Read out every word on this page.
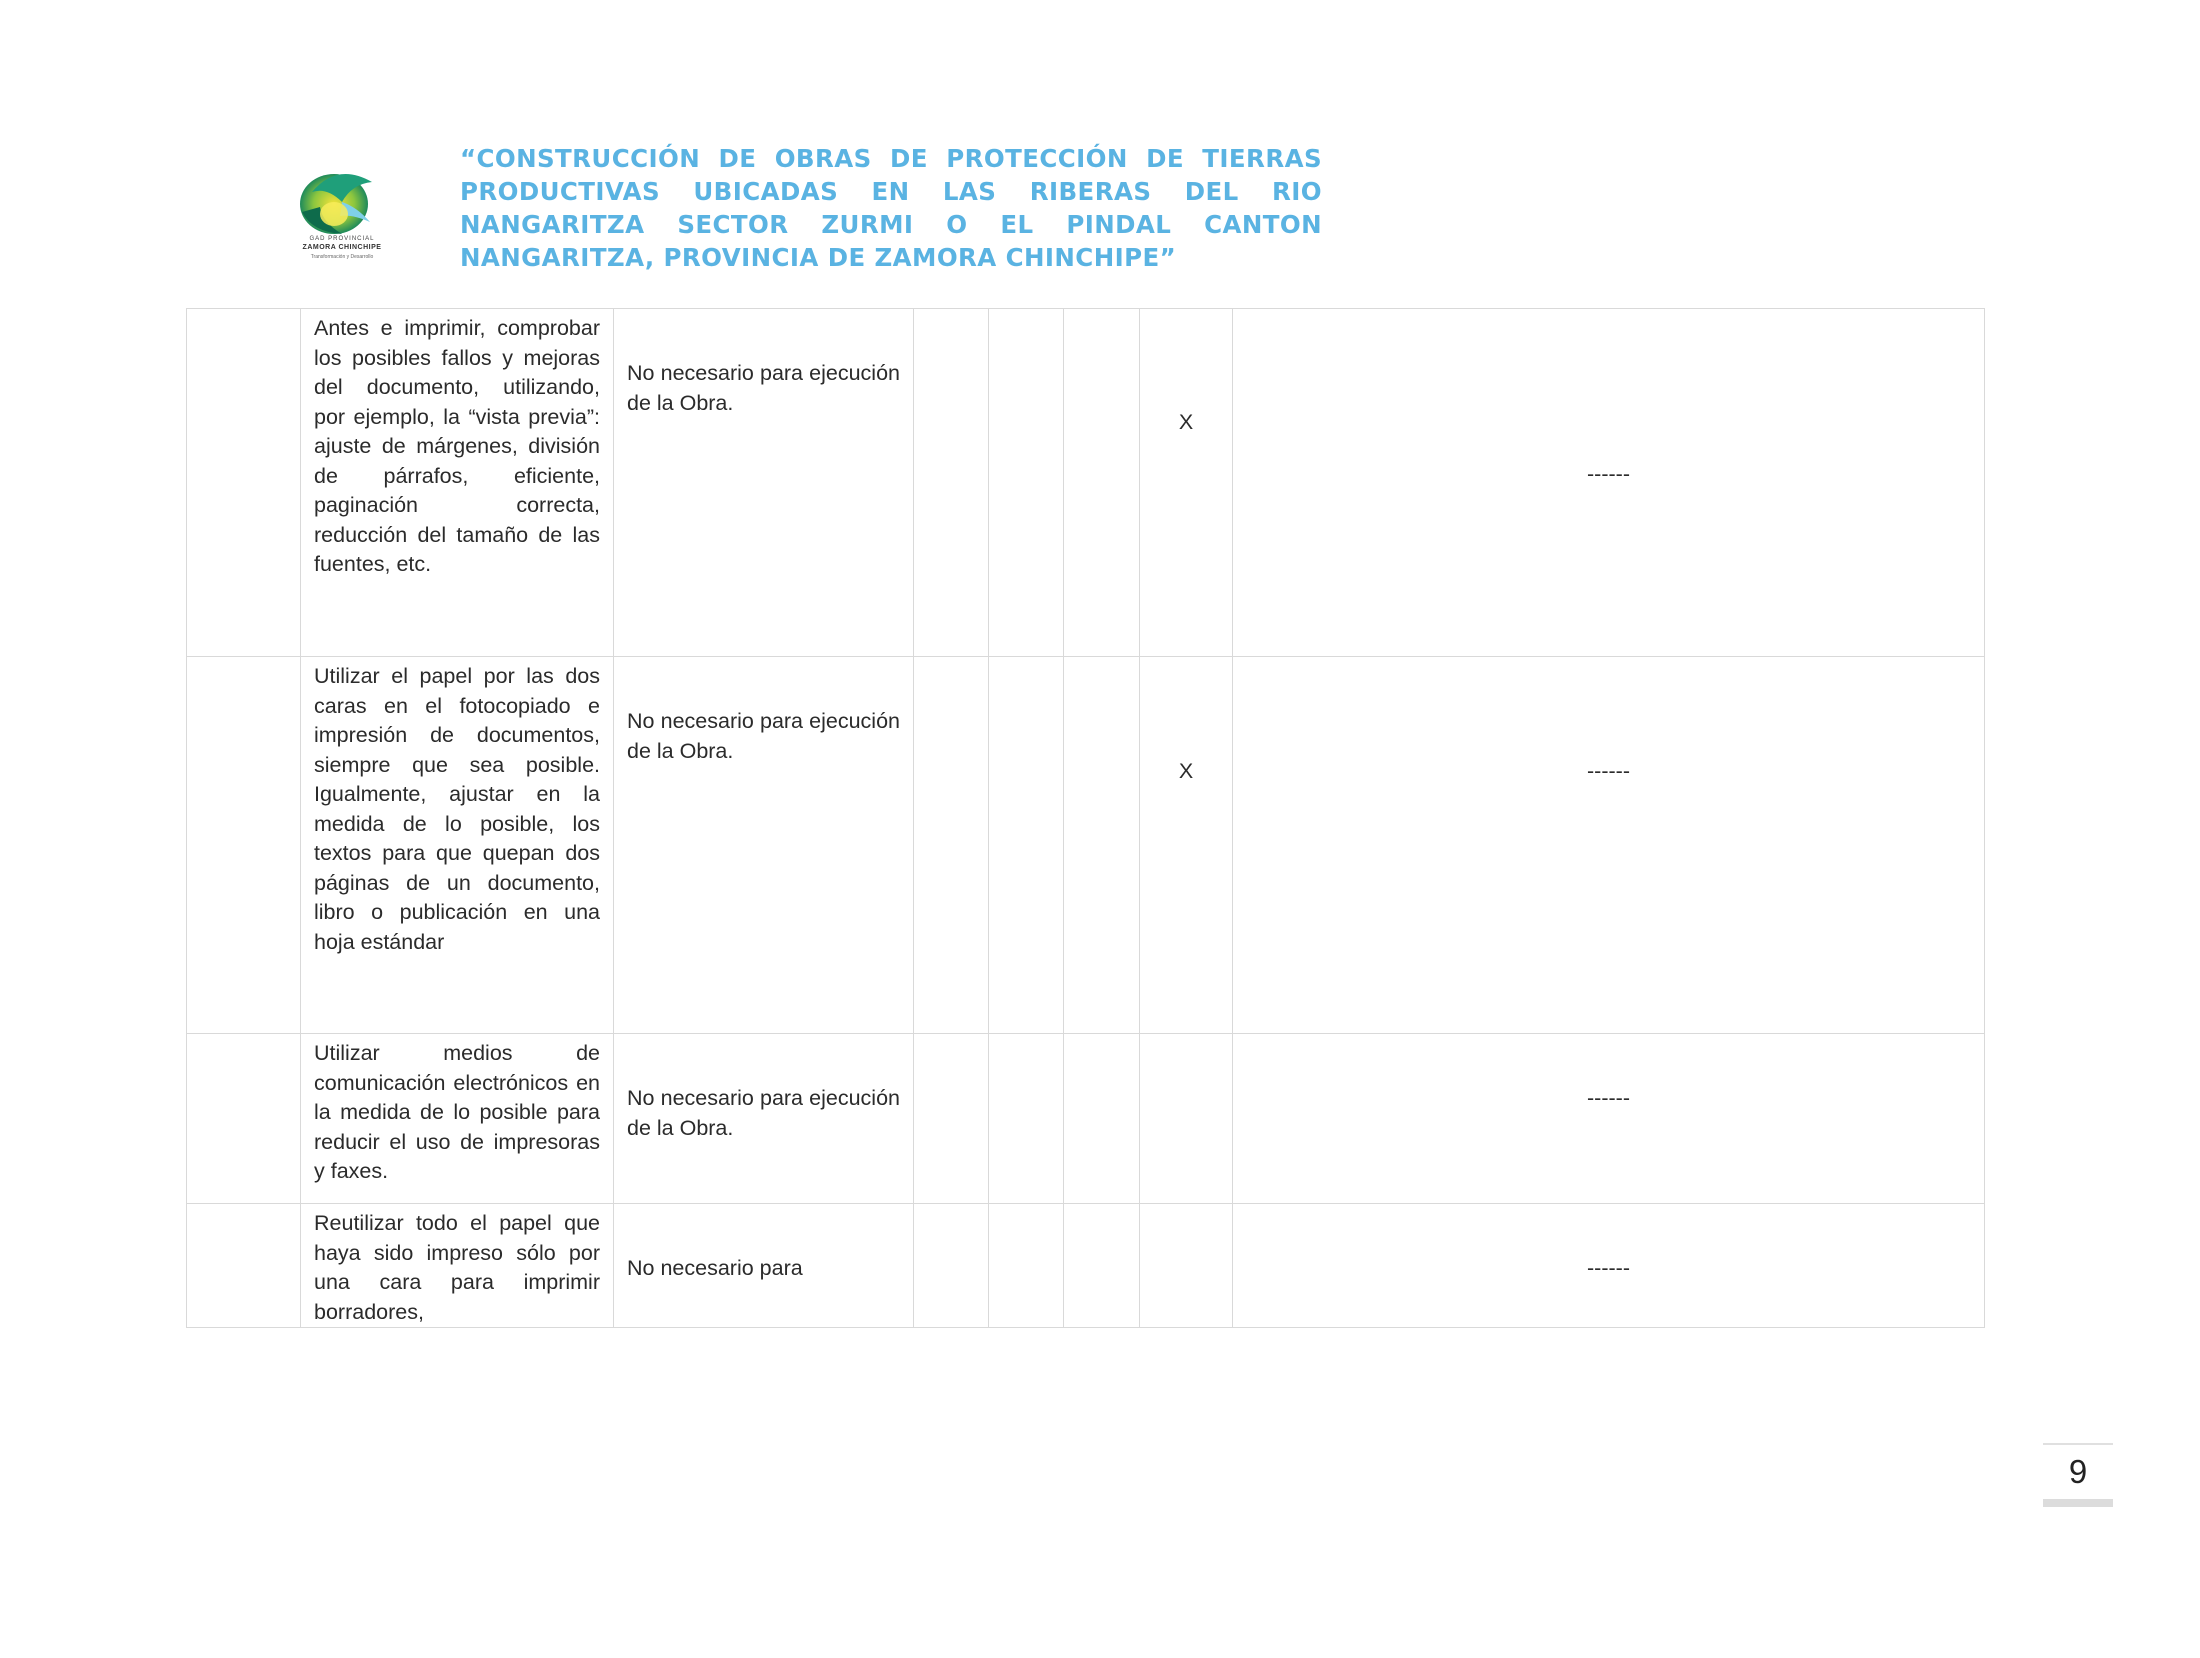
GAD PROVINCIAL
ZAMORA CHINCHIPE
Transformación y Desarrollo
“CONSTRUCCIÓN DE OBRAS DE PROTECCIÓN DE TIERRAS PRODUCTIVAS UBICADAS EN LAS RIBERAS DEL RIO NANGARITZA SECTOR ZURMI O EL PINDAL CANTON NANGARITZA, PROVINCIA DE ZAMORA CHINCHIPE”
	Antes e imprimir, comprobar los posibles fallos y mejoras del documento, utilizando, por ejemplo, la “vista previa”: ajuste de márgenes, división de párrafos, eficiente, paginación correcta, reducción del tamaño de las fuentes, etc.	No necesario para ejecución de la Obra.				X	------
	Utilizar el papel por las dos caras en el fotocopiado e impresión de documentos, siempre que sea posible. Igualmente, ajustar en la medida de lo posible, los textos para que quepan dos páginas de un documento, libro o publicación en una hoja estándar	No necesario para ejecución de la Obra.				X	------
	Utilizar medios de comunicación electrónicos en la medida de lo posible para reducir el uso de impresoras y faxes.	No necesario para ejecución de la Obra.					------
	Reutilizar todo el papel que haya sido impreso sólo por una cara para imprimir borradores,	No necesario para					------
9
